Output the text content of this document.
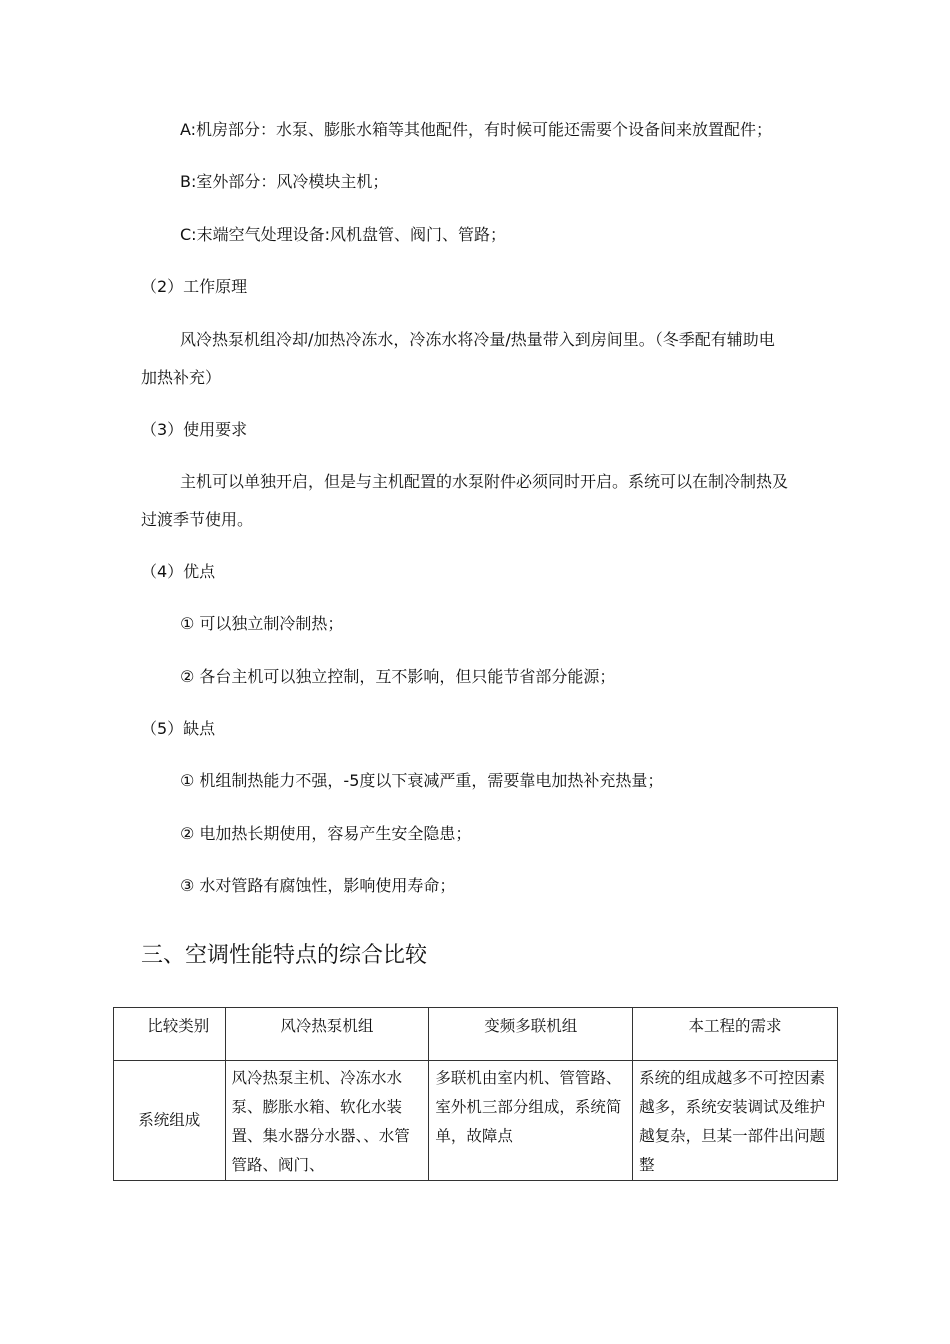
A:机房部分：水泵、膨胀水箱等其他配件，有时候可能还需要个设备间来放置配件；
B:室外部分：风冷模块主机；
C:末端空气处理设备:风机盘管、阀门、管路；
（2）工作原理
风冷热泵机组冷却/加热冷冻水，冷冻水将冷量/热量带入到房间里。（冬季配有辅助电
加热补充）
（3）使用要求
主机可以单独开启，但是与主机配置的水泵附件必须同时开启。系统可以在制冷制热及
过渡季节使用。
（4）优点
① 可以独立制冷制热；
② 各台主机可以独立控制，互不影响，但只能节省部分能源；
（5）缺点
① 机组制热能力不强，-5度以下衰减严重，需要靠电加热补充热量；
② 电加热长期使用，容易产生安全隐患；
③ 水对管路有腐蚀性，影响使用寿命；
三、空调性能特点的综合比较
比较类别	风冷热泵机组	变频多联机组	本工程的需求
系统组成	风冷热泵主机、冷冻水水泵、膨胀水箱、软化水装置、集水器分水器、、水管管路、阀门、	多联机由室内机、管管路、室外机三部分组成，系统简单，故障点	系统的组成越多不可控因素越多，系统安装调试及维护越复杂，旦某一部件出问题整
